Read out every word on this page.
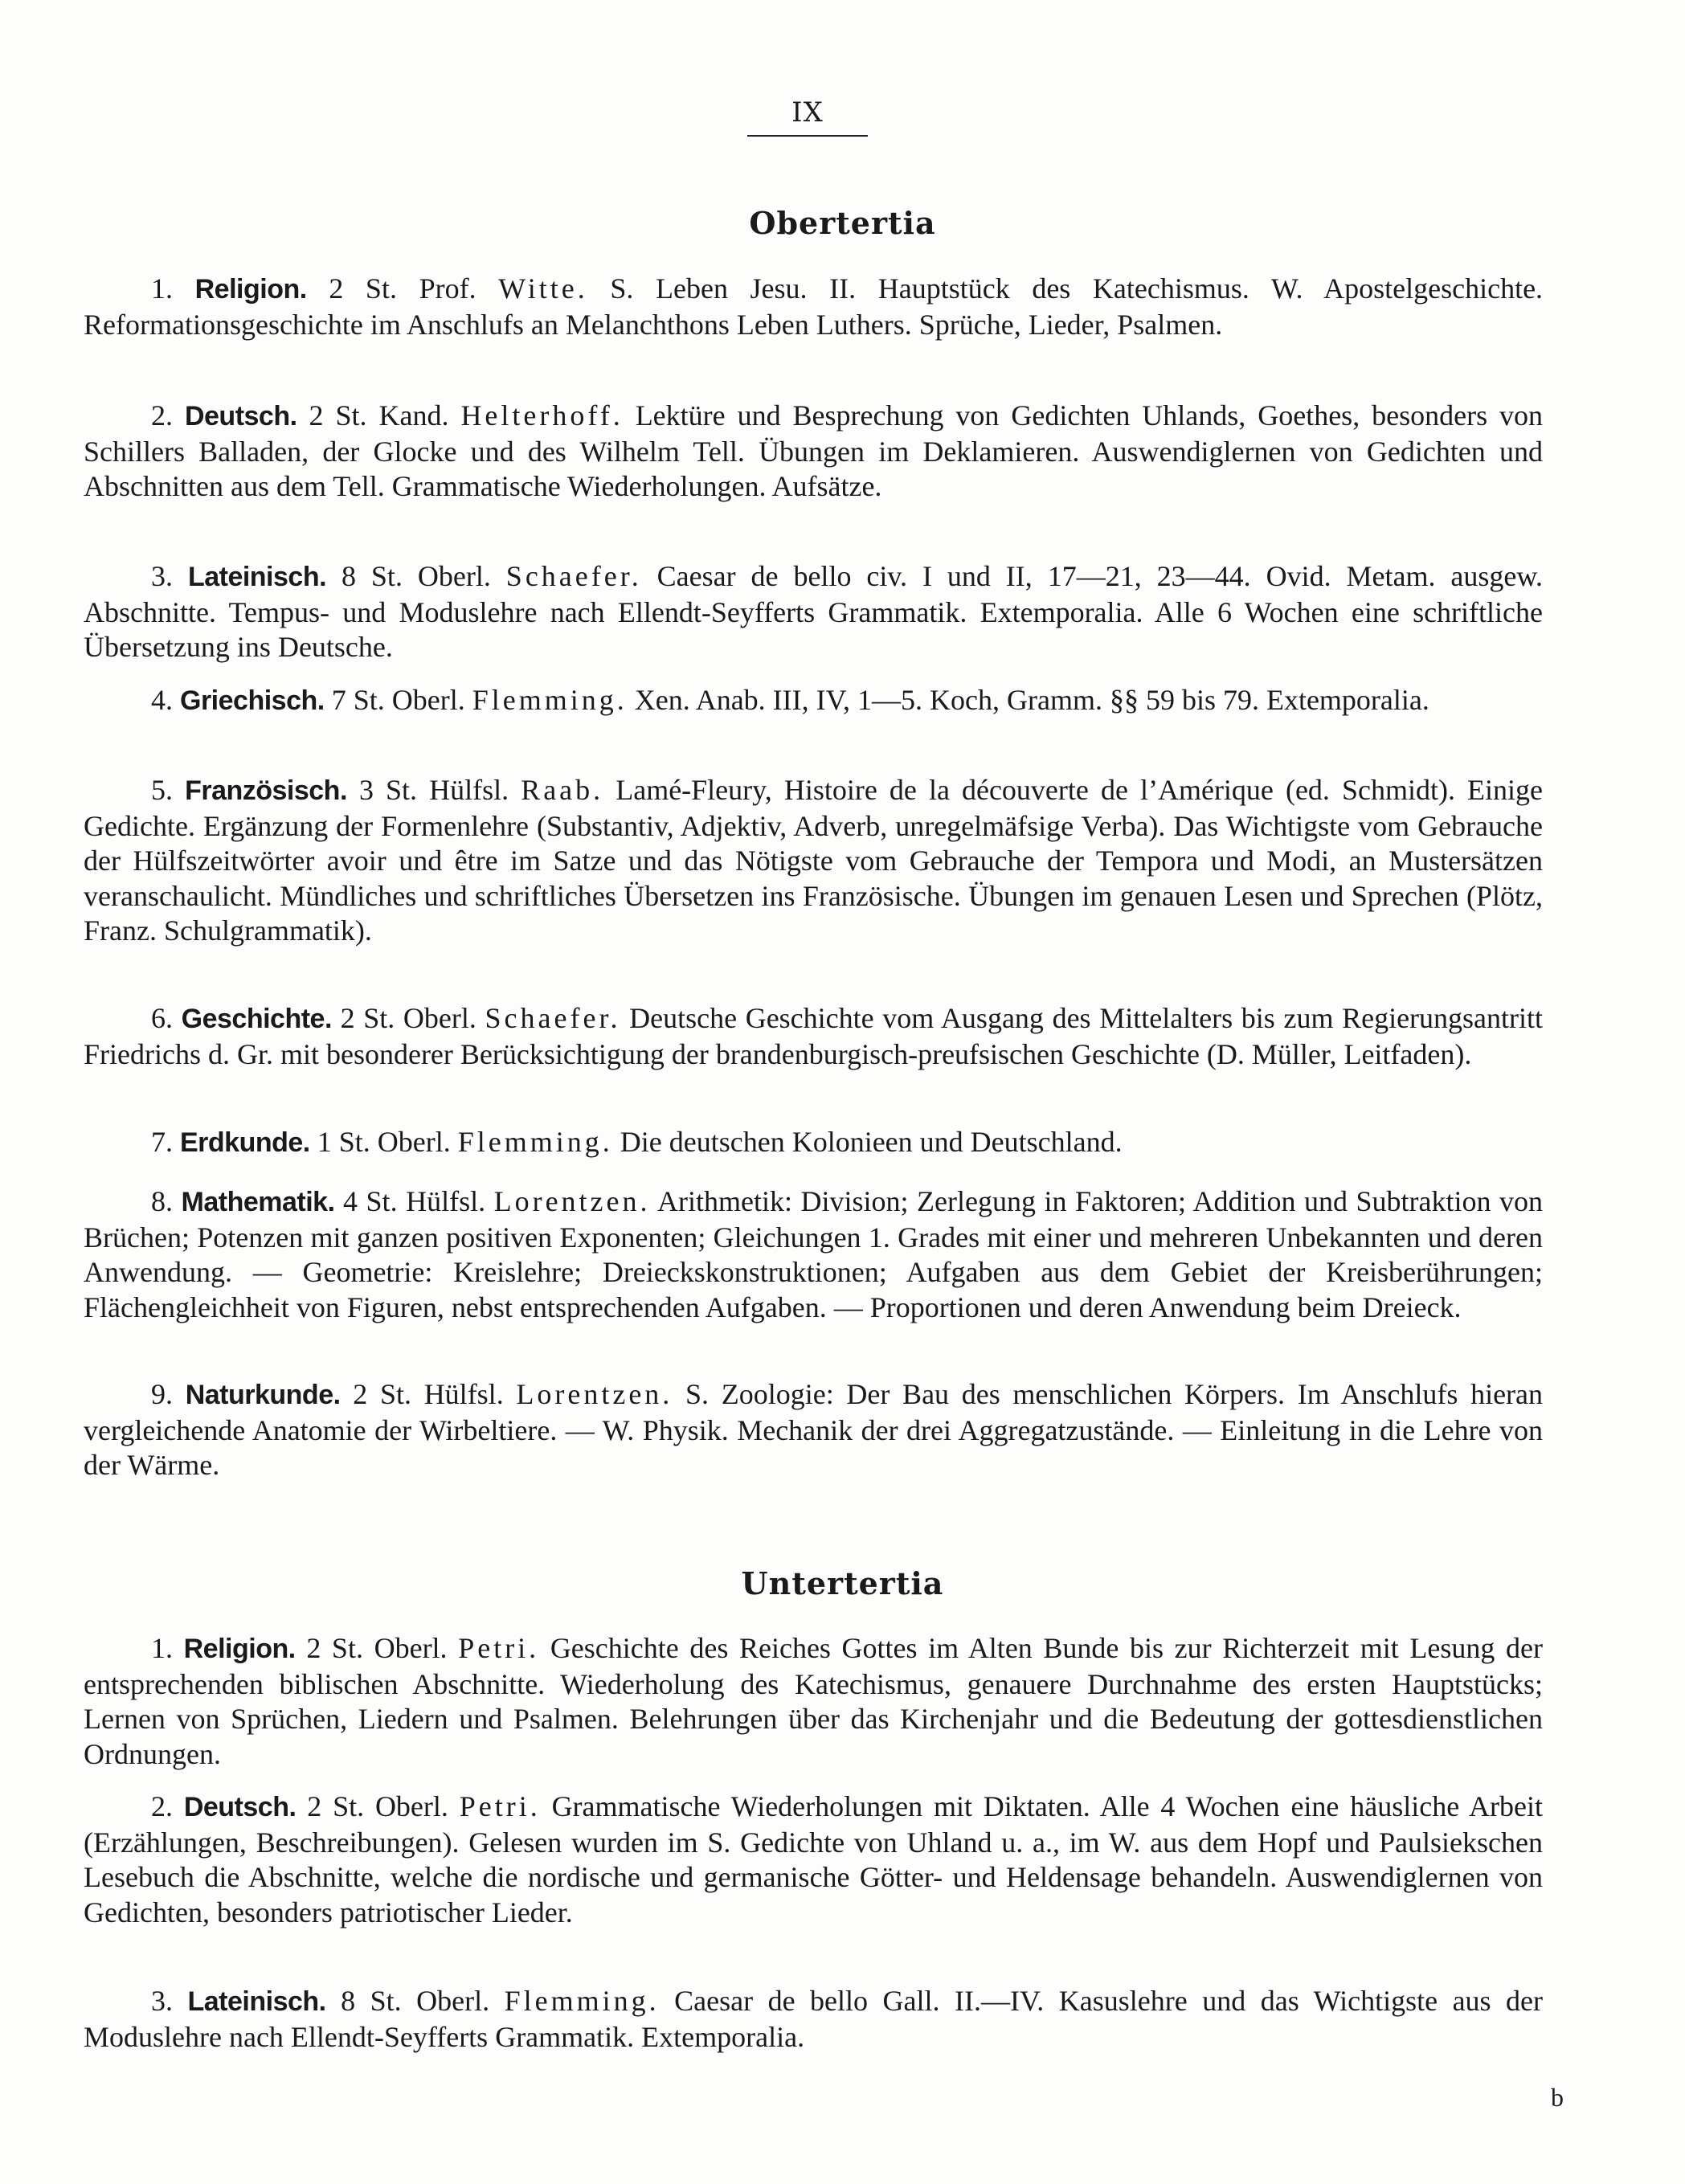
IX
Obertertia

1. Religion. 2 St. Prof. Witte. S. Leben Jesu. II. Hauptstück des Katechismus. W. Apostelgeschichte. Reformationsgeschichte im Anschlufs an Melanchthons Leben Luthers. Sprüche, Lieder, Psalmen.

2. Deutsch. 2 St. Kand. Helterhoff. Lektüre und Besprechung von Gedichten Uhlands, Goethes, besonders von Schillers Balladen, der Glocke und des Wilhelm Tell. Übungen im Deklamieren. Auswendiglernen von Gedichten und Abschnitten aus dem Tell. Grammatische Wiederholungen. Aufsätze.

3. Lateinisch. 8 St. Oberl. Schaefer. Caesar de bello civ. I und II, 17—21, 23—44. Ovid. Metam. ausgew. Abschnitte. Tempus- und Moduslehre nach Ellendt-Seyfferts Grammatik. Extemporalia. Alle 6 Wochen eine schriftliche Übersetzung ins Deutsche.

4. Griechisch. 7 St. Oberl. Flemming. Xen. Anab. III, IV, 1—5. Koch, Gramm. §§ 59 bis 79. Extemporalia.

5. Französisch. 3 St. Hülfsl. Raab. Lamé-Fleury, Histoire de la découverte de l’Amérique (ed. Schmidt). Einige Gedichte. Ergänzung der Formenlehre (Substantiv, Adjektiv, Adverb, unregelmäfsige Verba). Das Wichtigste vom Gebrauche der Hülfszeitwörter avoir und être im Satze und das Nötigste vom Gebrauche der Tempora und Modi, an Mustersätzen veranschaulicht. Mündliches und schriftliches Übersetzen ins Französische. Übungen im genauen Lesen und Sprechen (Plötz, Franz. Schulgrammatik).

6. Geschichte. 2 St. Oberl. Schaefer. Deutsche Geschichte vom Ausgang des Mittelalters bis zum Regierungsantritt Friedrichs d. Gr. mit besonderer Berücksichtigung der brandenburgisch-preufsischen Geschichte (D. Müller, Leitfaden).

7. Erdkunde. 1 St. Oberl. Flemming. Die deutschen Kolonieen und Deutschland.

8. Mathematik. 4 St. Hülfsl. Lorentzen. Arithmetik: Division; Zerlegung in Faktoren; Addition und Subtraktion von Brüchen; Potenzen mit ganzen positiven Exponenten; Gleichungen 1. Grades mit einer und mehreren Unbekannten und deren Anwendung. — Geometrie: Kreislehre; Dreieckskonstruktionen; Aufgaben aus dem Gebiet der Kreisberührungen; Flächengleichheit von Figuren, nebst entsprechenden Aufgaben. — Proportionen und deren Anwendung beim Dreieck.

9. Naturkunde. 2 St. Hülfsl. Lorentzen. S. Zoologie: Der Bau des menschlichen Körpers. Im Anschlufs hieran vergleichende Anatomie der Wirbeltiere. — W. Physik. Mechanik der drei Aggregatzustände. — Einleitung in die Lehre von der Wärme.

Untertertia

1. Religion. 2 St. Oberl. Petri. Geschichte des Reiches Gottes im Alten Bunde bis zur Richterzeit mit Lesung der entsprechenden biblischen Abschnitte. Wiederholung des Katechismus, genauere Durchnahme des ersten Hauptstücks; Lernen von Sprüchen, Liedern und Psalmen. Belehrungen über das Kirchenjahr und die Bedeutung der gottesdienstlichen Ordnungen.

2. Deutsch. 2 St. Oberl. Petri. Grammatische Wiederholungen mit Diktaten. Alle 4 Wochen eine häusliche Arbeit (Erzählungen, Beschreibungen). Gelesen wurden im S. Gedichte von Uhland u. a., im W. aus dem Hopf und Paulsiekschen Lesebuch die Abschnitte, welche die nordische und germanische Götter- und Heldensage behandeln. Auswendiglernen von Gedichten, besonders patriotischer Lieder.

3. Lateinisch. 8 St. Oberl. Flemming. Caesar de bello Gall. II.—IV. Kasuslehre und das Wichtigste aus der Moduslehre nach Ellendt-Seyfferts Grammatik. Extemporalia.

b
